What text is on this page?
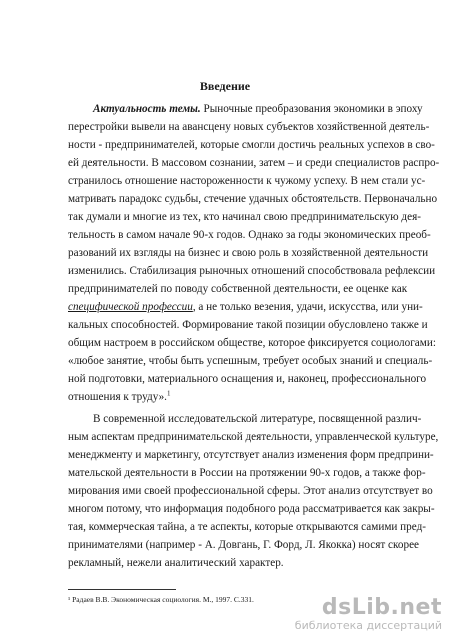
Введение
Актуальность темы. Рыночные преобразования экономики в эпоху
перестройки вывели на авансцену новых субъектов хозяйственной деятель-
ности - предпринимателей, которые смогли достичь реальных успехов в сво-
ей деятельности. В массовом сознании, затем – и среди специалистов распро-
странилось отношение настороженности к чужому успеху. В нем стали ус-
матривать парадокс судьбы, стечение удачных обстоятельств. Первоначально
так думали и многие из тех, кто начинал свою предпринимательскую дея-
тельность в самом начале 90-х годов. Однако за годы экономических преоб-
разований их взгляды на бизнес и свою роль в хозяйственной деятельности
изменились. Стабилизация рыночных отношений способствовала рефлексии
предпринимателей по поводу собственной деятельности, ее оценке как
специфической профессии, а не только везения, удачи, искусства, или уни-
кальных способностей. Формирование такой позиции обусловлено также и
общим настроем в российском обществе, которое фиксируется социологами:
«любое занятие, чтобы быть успешным, требует особых знаний и специаль-
ной подготовки, материального оснащения и, наконец, профессионального
отношения к труду».$^1$
В современной исследовательской литературе, посвященной различ-
ным аспектам предпринимательской деятельности, управленческой культуре,
менеджменту и маркетингу, отсутствует анализ изменения форм предприни-
мательской деятельности в России на протяжении 90-х годов, а также фор-
мирования ими своей профессиональной сферы. Этот анализ отсутствует во
многом потому, что информация подобного рода рассматривается как закры-
тая, коммерческая тайна, а те аспекты, которые открываются самими пред-
принимателями (например - А. Довгань, Г. Форд, Л. Якокка) носят скорее
рекламный, нежели аналитический характер.
¹ Радаев В.В. Экономическая социология. М., 1997. С.331.	dsLib.net
библиотека диссертаций
